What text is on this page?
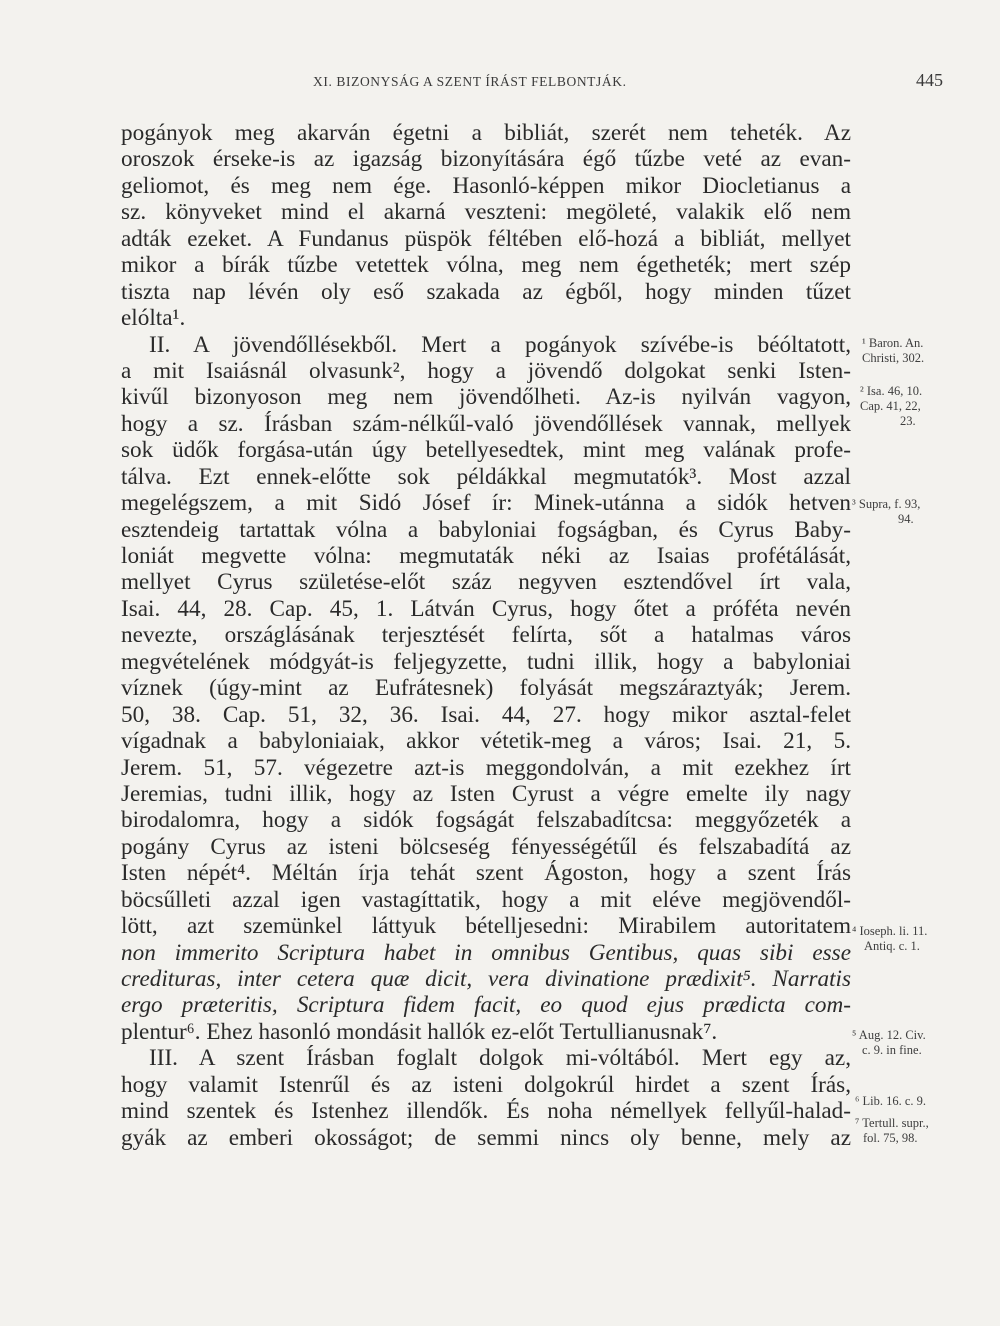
XI. BIZONYSÁG A SZENT ÍRÁST FELBONTJÁK.	445
pogányok meg akarván égetni a bibliát, szerét nem teheték. Az
oroszok érseke-is az igazság bizonyítására égő tűzbe veté az evan-
geliomot, és meg nem ége. Hasonló-képpen mikor Diocletianus a
sz. könyveket mind el akarná veszteni: megöleté, valakik elő nem
adták ezeket. A Fundanus püspök féltében elő-hozá a bibliát, mellyet
mikor a bírák tűzbe vetettek vólna, meg nem égetheték; mert szép
tiszta nap lévén oly eső szakada az égből, hogy minden tűzet
elólta¹.
II. A jövendőllésekből. Mert a pogányok szívébe-is béóltatott,
a mit Isaiásnál olvasunk², hogy a jövendő dolgokat senki Isten-
kivűl bizonyoson meg nem jövendőlheti. Az-is nyilván vagyon,
hogy a sz. Írásban szám-nélkűl-való jövendőllések vannak, mellyek
sok üdők forgása-után úgy betellyesedtek, mint meg valának profe-
tálva. Ezt ennek-előtte sok példákkal megmutatók³. Most azzal
megelégszem, a mit Sidó Jósef ír: Minek-utánna a sidók hetven
esztendeig tartattak vólna a babyloniai fogságban, és Cyrus Baby-
loniát megvette vólna: megmutaták néki az Isaias profétálását,
mellyet Cyrus születése-előt száz negyven esztendővel írt vala,
Isai. 44, 28. Cap. 45, 1. Látván Cyrus, hogy őtet a próféta nevén
nevezte, országlásának terjesztését felírta, sőt a hatalmas város
megvételének módgyát-is feljegyzette, tudni illik, hogy a babyloniai
víznek (úgy-mint az Eufrátesnek) folyását megszáraztyák; Jerem.
50, 38. Cap. 51, 32, 36. Isai. 44, 27. hogy mikor asztal-felet
vígadnak a babyloniaiak, akkor vétetik-meg a város; Isai. 21, 5.
Jerem. 51, 57. végezetre azt-is meggondolván, a mit ezekhez írt
Jeremias, tudni illik, hogy az Isten Cyrust a végre emelte ily nagy
birodalomra, hogy a sidók fogságát felszabadítcsa: meggyőzeték a
pogány Cyrus az isteni bölcseség fényességétűl és felszabadítá az
Isten népét⁴. Méltán írja tehát szent Ágoston, hogy a szent Írás
böcsűlleti azzal igen vastagíttatik, hogy a mit eléve megjövendől-
lött, azt szemünkel láttyuk bételljesedni: Mirabilem autoritatem
non immerito Scriptura habet in omnibus Gentibus, quas sibi esse
credituras, inter cetera quæ dicit, vera divinatione prædixit⁵. Narratis
ergo præteritis, Scriptura fidem facit, eo quod ejus prædicta com-
plentur⁶. Ehez hasonló mondásit hallók ez-előt Tertullianusnak⁷.
III. A szent Írásban foglalt dolgok mi-vóltából. Mert egy az,
hogy valamit Istenrűl és az isteni dolgokrúl hirdet a szent Írás,
mind szentek és Istenhez illendők. És noha némellyek fellyűl-halad-
gyák az emberi okosságot; de semmi nincs oly benne, mely az
¹ Baron. An.
Christi, 302.
² Isa. 46, 10.
Cap. 41, 22,
23.
³ Supra, f. 93,
94.
⁴ Ioseph. li. 11.
Antiq. c. 1.
⁵ Aug. 12. Civ.
c. 9. in fine.
⁶ Lib. 16. c. 9.
⁷ Tertull. supr.,
fol. 75, 98.
